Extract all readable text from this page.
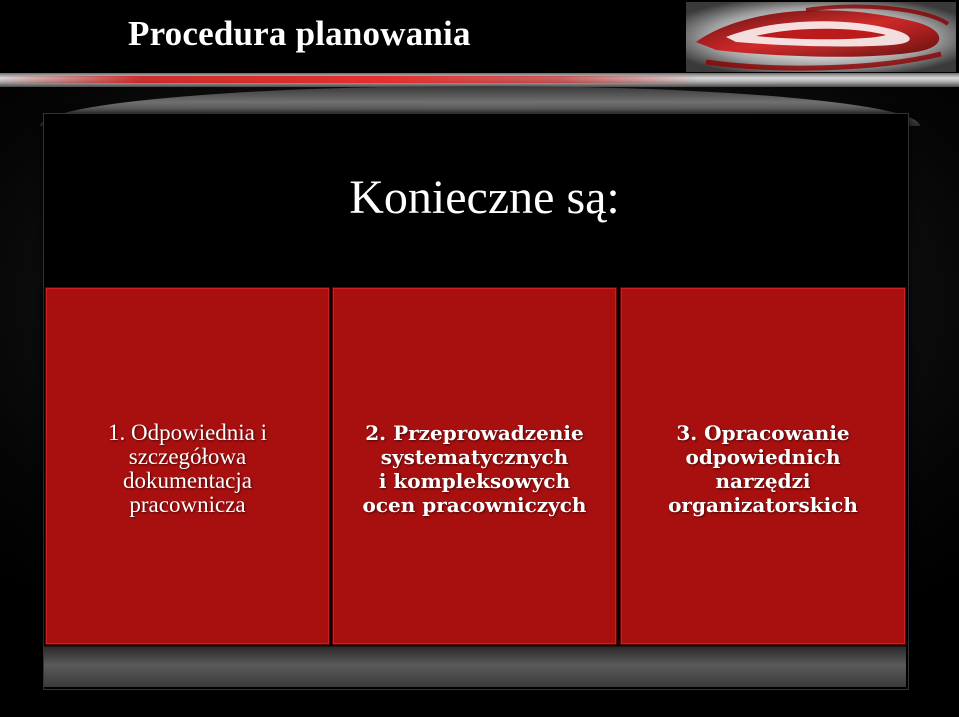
Procedura planowania
Konieczne są:
1. Odpowiednia i
szczegółowa
dokumentacja
pracownicza
2. Przeprowadzenie
systematycznych
i kompleksowych
ocen pracowniczych
3. Opracowanie
odpowiednich
narzędzi
organizatorskich
